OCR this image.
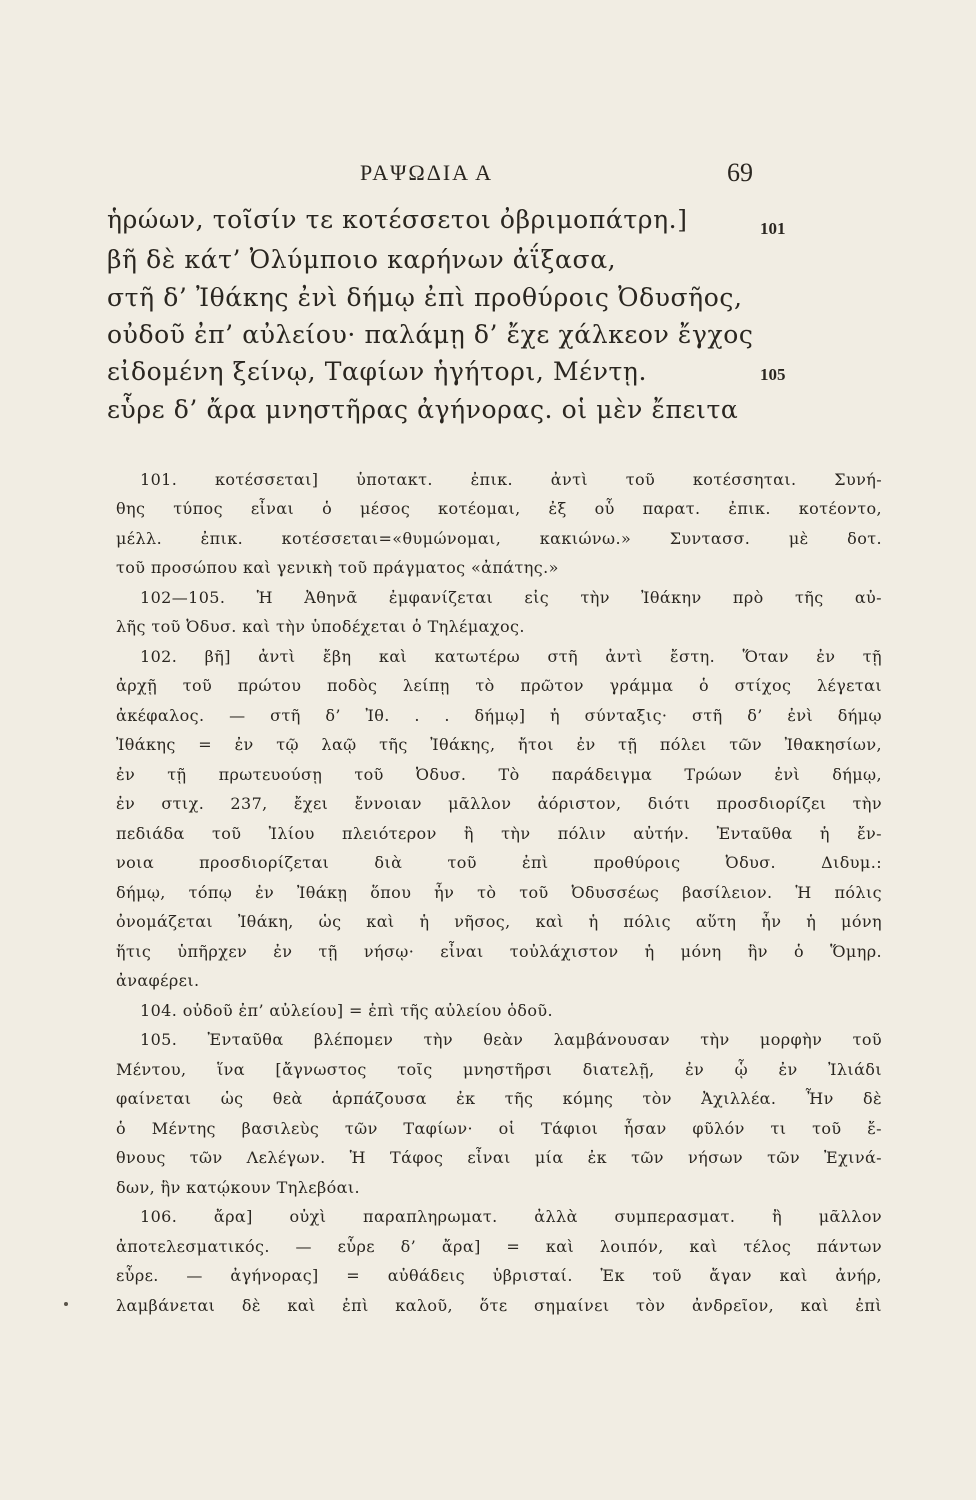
ΡΑΨΩΔΙΑ Α	69
ἡρώων, τοῖσίν τε κοτέσσετοι ὀβριμοπάτρη.]	101
βῆ δὲ κάτ’ Ὀλύμποιο καρήνων ἀΐξασα,
στῆ δ’ Ἰθάκης ἐνὶ δήμῳ ἐπὶ προθύροις Ὀδυσῆος,
οὐδοῦ ἐπ’ αὐλείου· παλάμῃ δ’ ἔχε χάλκεον ἔγχος
εἰδομένη ξείνῳ, Ταφίων ἡγήτορι, Μέντῃ.	105
εὗρε δ’ ἄρα μνηστῆρας ἀγήνορας. οἱ μὲν ἔπειτα
101. κοτέσσεται] ὑποτακτ. ἐπικ. ἀντὶ τοῦ κοτέσσηται. Συνή-
θης τύπος εἶναι ὁ μέσος κοτέομαι, ἐξ οὗ παρατ. ἐπικ. κοτέοντο,
μέλλ. ἐπικ. κοτέσσεται=«θυμώνομαι, κακιώνω.» Συντασσ. μὲ δοτ.
τοῦ προσώπου καὶ γενικὴ τοῦ πράγματος «ἀπάτης.»
102—105. Ἡ Ἀθηνᾶ ἐμφανίζεται εἰς τὴν Ἰθάκην πρὸ τῆς αὐ-
λῆς τοῦ Ὀδυσ. καὶ τὴν ὑποδέχεται ὁ Τηλέμαχος.
102. βῆ] ἀντὶ ἔβη καὶ κατωτέρω στῆ ἀντὶ ἔστη. Ὅταν ἐν τῇ
ἀρχῇ τοῦ πρώτου ποδὸς λείπῃ τὸ πρῶτον γράμμα ὁ στίχος λέγεται
ἀκέφαλος. — στῆ δ’ Ἰθ. . . δήμῳ] ἡ σύνταξις· στῆ δ’ ἐνὶ δήμῳ
Ἰθάκης = ἐν τῷ λαῷ τῆς Ἰθάκης, ἤτοι ἐν τῇ πόλει τῶν Ἰθακησίων,
ἐν τῇ πρωτευούσῃ τοῦ Ὀδυσ. Τὸ παράδειγμα Τρώων ἐνὶ δήμῳ,
ἐν στιχ. 237, ἔχει ἔννοιαν μᾶλλον ἀόριστον, διότι προσδιορίζει τὴν
πεδιάδα τοῦ Ἰλίου πλειότερον ἢ τὴν πόλιν αὐτήν. Ἐνταῦθα ἡ ἔν-
νοια προσδιορίζεται διὰ τοῦ ἐπὶ προθύροις Ὀδυσ. Διδυμ.:
δήμῳ, τόπῳ ἐν Ἰθάκῃ ὅπου ἦν τὸ τοῦ Ὀδυσσέως βασίλειον. Ἡ πόλις
ὀνομάζεται Ἰθάκη, ὡς καὶ ἡ νῆσος, καὶ ἡ πόλις αὕτη ἦν ἡ μόνη
ἥτις ὑπῆρχεν ἐν τῇ νήσῳ· εἶναι τοὐλάχιστον ἡ μόνη ἣν ὁ Ὅμηρ.
ἀναφέρει.
104. οὐδοῦ ἐπ’ αὐλείου] = ἐπὶ τῆς αὐλείου ὁδοῦ.
105. Ἐνταῦθα βλέπομεν τὴν θεὰν λαμβάνουσαν τὴν μορφὴν τοῦ
Μέντου, ἵνα [ἄγνωστος τοῖς μνηστῆρσι διατελῇ, ἐν ᾧ ἐν Ἰλιάδι
φαίνεται ὡς θεὰ ἁρπάζουσα ἐκ τῆς κόμης τὸν Ἀχιλλέα. Ἦν δὲ
ὁ Μέντης βασιλεὺς τῶν Ταφίων· οἱ Τάφιοι ἦσαν φῦλόν τι τοῦ ἔ-
θνους τῶν Λελέγων. Ἡ Τάφος εἶναι μία ἐκ τῶν νήσων τῶν Ἐχινά-
δων, ἣν κατῴκουν Τηλεβόαι.
106. ἄρα] οὐχὶ παραπληρωματ. ἀλλὰ συμπερασματ. ἢ μᾶλλον
ἀποτελεσματικός. — εὗρε δ’ ἄρα] = καὶ λοιπόν, καὶ τέλος πάντων
εὗρε. — ἀγήνορας] = αὐθάδεις ὑβρισταί. Ἐκ τοῦ ἄγαν καὶ ἀνήρ,
λαμβάνεται δὲ καὶ ἐπὶ καλοῦ, ὅτε σημαίνει τὸν ἀνδρεῖον, καὶ ἐπὶ
